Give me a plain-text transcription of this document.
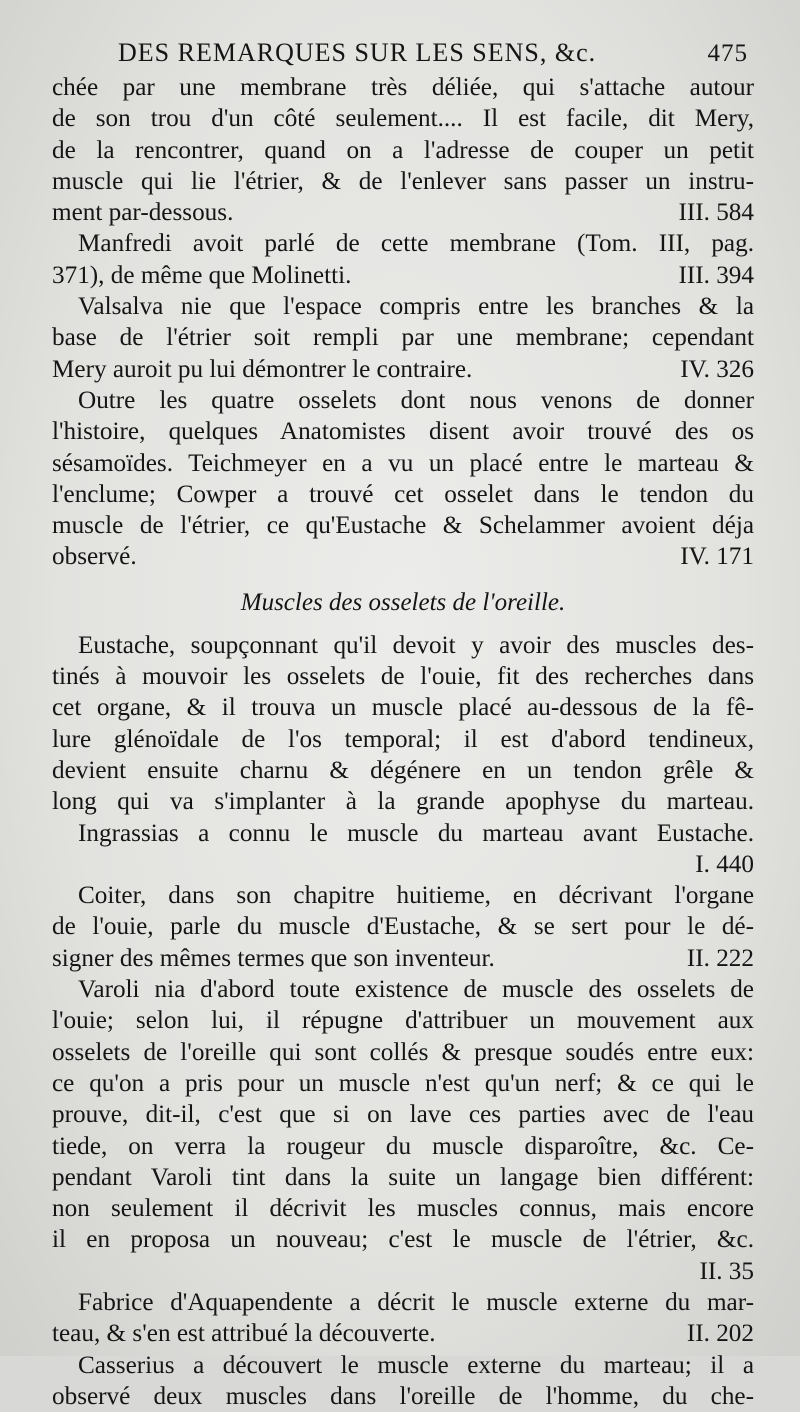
DES REMARQUES SUR LES SENS, &c.	475
chée par une membrane très déliée, qui s'attache autour
de son trou d'un côté seulement.... Il est facile, dit Mery,
de la rencontrer, quand on a l'adresse de couper un petit
muscle qui lie l'étrier, & de l'enlever sans passer un instru-
ment par-dessous.	III. 584
Manfredi avoit parlé de cette membrane (Tom. III, pag.
371), de même que Molinetti.	III. 394
Valsalva nie que l'espace compris entre les branches & la
base de l'étrier soit rempli par une membrane; cependant
Mery auroit pu lui démontrer le contraire.	IV. 326
Outre les quatre osselets dont nous venons de donner
l'histoire, quelques Anatomistes disent avoir trouvé des os
sésamoïdes. Teichmeyer en a vu un placé entre le marteau &
l'enclume; Cowper a trouvé cet osselet dans le tendon du
muscle de l'étrier, ce qu'Eustache & Schelammer avoient déja
observé.	IV. 171
Muscles des osselets de l'oreille.
Eustache, soupçonnant qu'il devoit y avoir des muscles des-
tinés à mouvoir les osselets de l'ouie, fit des recherches dans
cet organe, & il trouva un muscle placé au-dessous de la fê-
lure glénoïdale de l'os temporal; il est d'abord tendineux,
devient ensuite charnu & dégénere en un tendon grêle &
long qui va s'implanter à la grande apophyse du marteau.
Ingrassias a connu le muscle du marteau avant Eustache.
I. 440
Coiter, dans son chapitre huitieme, en décrivant l'organe
de l'ouie, parle du muscle d'Eustache, & se sert pour le dé-
signer des mêmes termes que son inventeur.	II. 222
Varoli nia d'abord toute existence de muscle des osselets de
l'ouie; selon lui, il répugne d'attribuer un mouvement aux
osselets de l'oreille qui sont collés & presque soudés entre eux:
ce qu'on a pris pour un muscle n'est qu'un nerf; & ce qui le
prouve, dit-il, c'est que si on lave ces parties avec de l'eau
tiede, on verra la rougeur du muscle disparoître, &c. Ce-
pendant Varoli tint dans la suite un langage bien différent:
non seulement il décrivit les muscles connus, mais encore
il en proposa un nouveau; c'est le muscle de l'étrier, &c.
II. 35
Fabrice d'Aquapendente a décrit le muscle externe du mar-
teau, & s'en est attribué la découverte.	II. 202
Casserius a découvert le muscle externe du marteau; il a
observé deux muscles dans l'oreille de l'homme, du che-
